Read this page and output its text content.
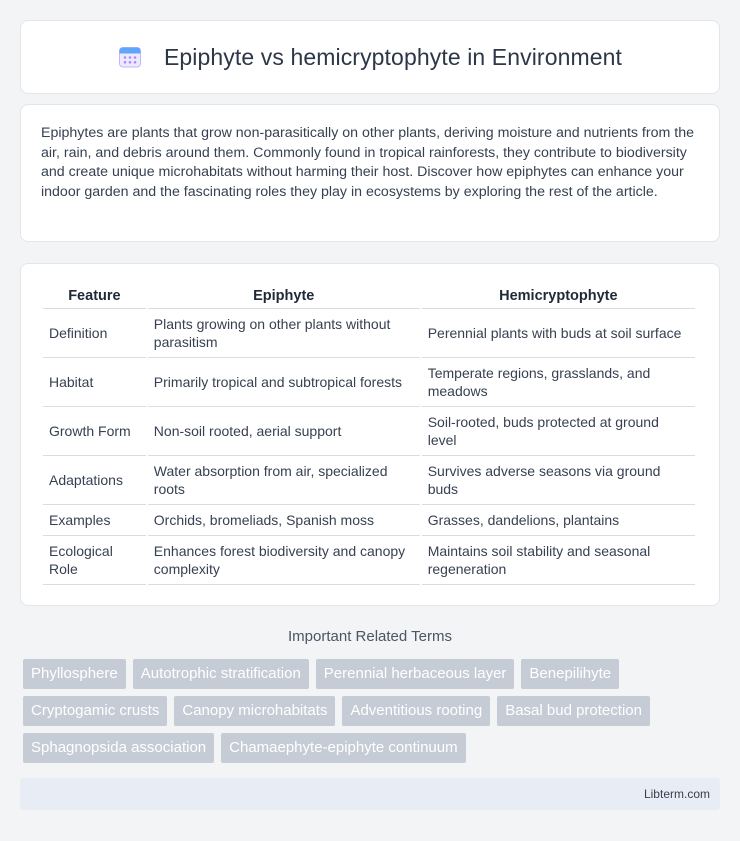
Epiphyte vs hemicryptophyte in Environment

Epiphytes are plants that grow non-parasitically on other plants, deriving moisture and nutrients from the air, rain, and debris around them. Commonly found in tropical rainforests, they contribute to biodiversity and create unique microhabitats without harming their host. Discover how epiphytes can enhance your indoor garden and the fascinating roles they play in ecosystems by exploring the rest of the article.

Feature	Epiphyte	Hemicryptophyte
Definition	Plants growing on other plants without parasitism	Perennial plants with buds at soil surface
Habitat	Primarily tropical and subtropical forests	Temperate regions, grasslands, and meadows
Growth Form	Non-soil rooted, aerial support	Soil-rooted, buds protected at ground level
Adaptations	Water absorption from air, specialized roots	Survives adverse seasons via ground buds
Examples	Orchids, bromeliads, Spanish moss	Grasses, dandelions, plantains
Ecological Role	Enhances forest biodiversity and canopy complexity	Maintains soil stability and seasonal regeneration
Important Related Terms
Phyllosphere	Autotrophic stratification	Perennial herbaceous layer	Benepilihyte
Cryptogamic crusts	Canopy microhabitats	Adventitious rooting	Basal bud protection
Sphagnopsida association	Chamaephyte-epiphyte continuum
Libterm.com
